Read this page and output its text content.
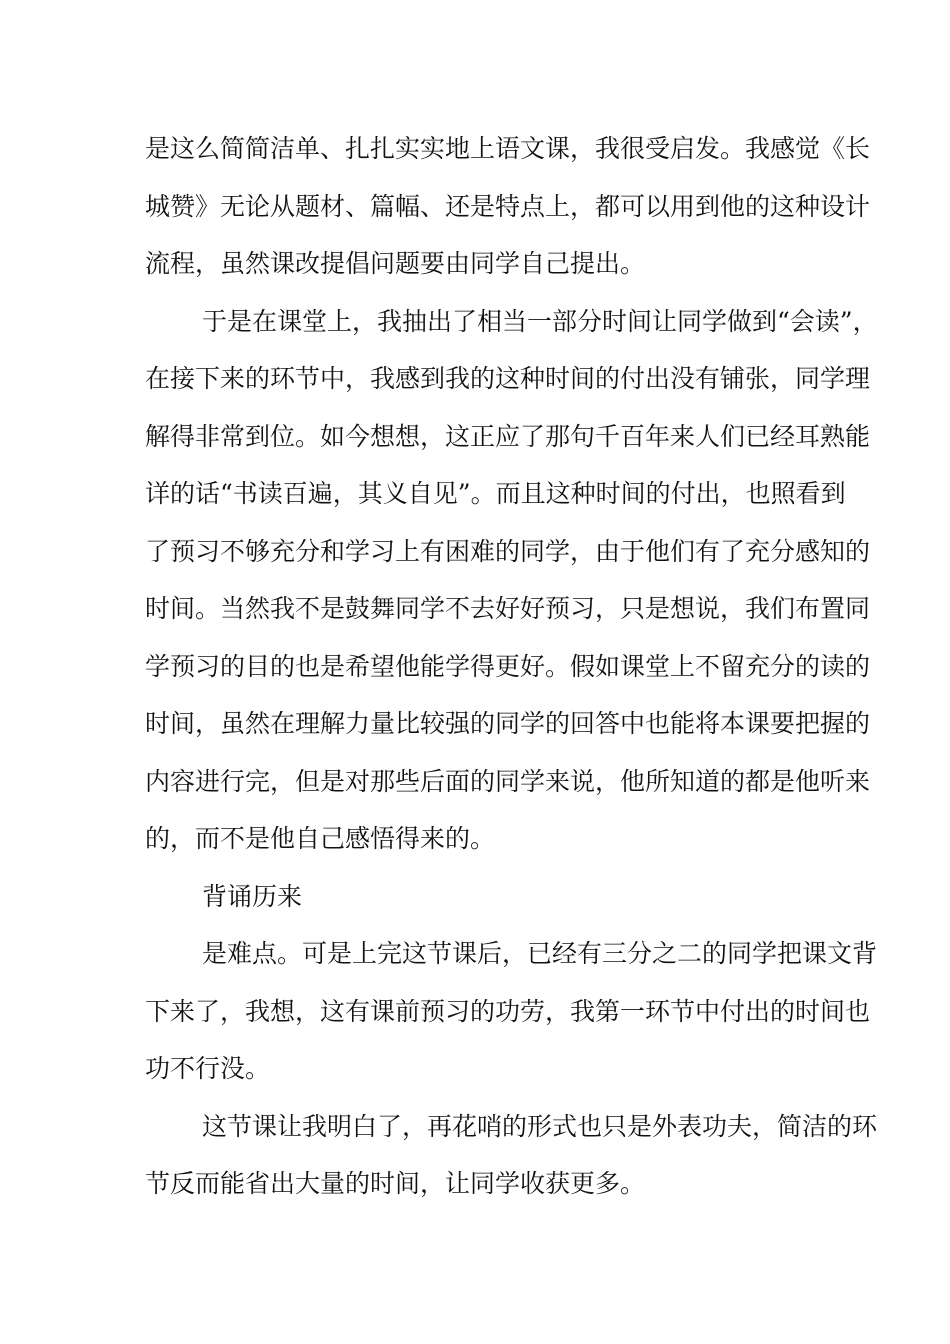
是这么简简洁单、扎扎实实地上语文课，我很受启发。我感觉《长
城赞》无论从题材、篇幅、还是特点上，都可以用到他的这种设计
流程，虽然课改提倡问题要由同学自己提出。
于是在课堂上，我抽出了相当一部分时间让同学做到“会读”，
在接下来的环节中，我感到我的这种时间的付出没有铺张，同学理
解得非常到位。如今想想，这正应了那句千百年来人们已经耳熟能
详的话“书读百遍，其义自见”。而且这种时间的付出，也照看到
了预习不够充分和学习上有困难的同学，由于他们有了充分感知的
时间。当然我不是鼓舞同学不去好好预习，只是想说，我们布置同
学预习的目的也是希望他能学得更好。假如课堂上不留充分的读的
时间，虽然在理解力量比较强的同学的回答中也能将本课要把握的
内容进行完，但是对那些后面的同学来说，他所知道的都是他听来
的，而不是他自己感悟得来的。
背诵历来
是难点。可是上完这节课后，已经有三分之二的同学把课文背
下来了，我想，这有课前预习的功劳，我第一环节中付出的时间也
功不行没。
这节课让我明白了，再花哨的形式也只是外表功夫，简洁的环
节反而能省出大量的时间，让同学收获更多。
